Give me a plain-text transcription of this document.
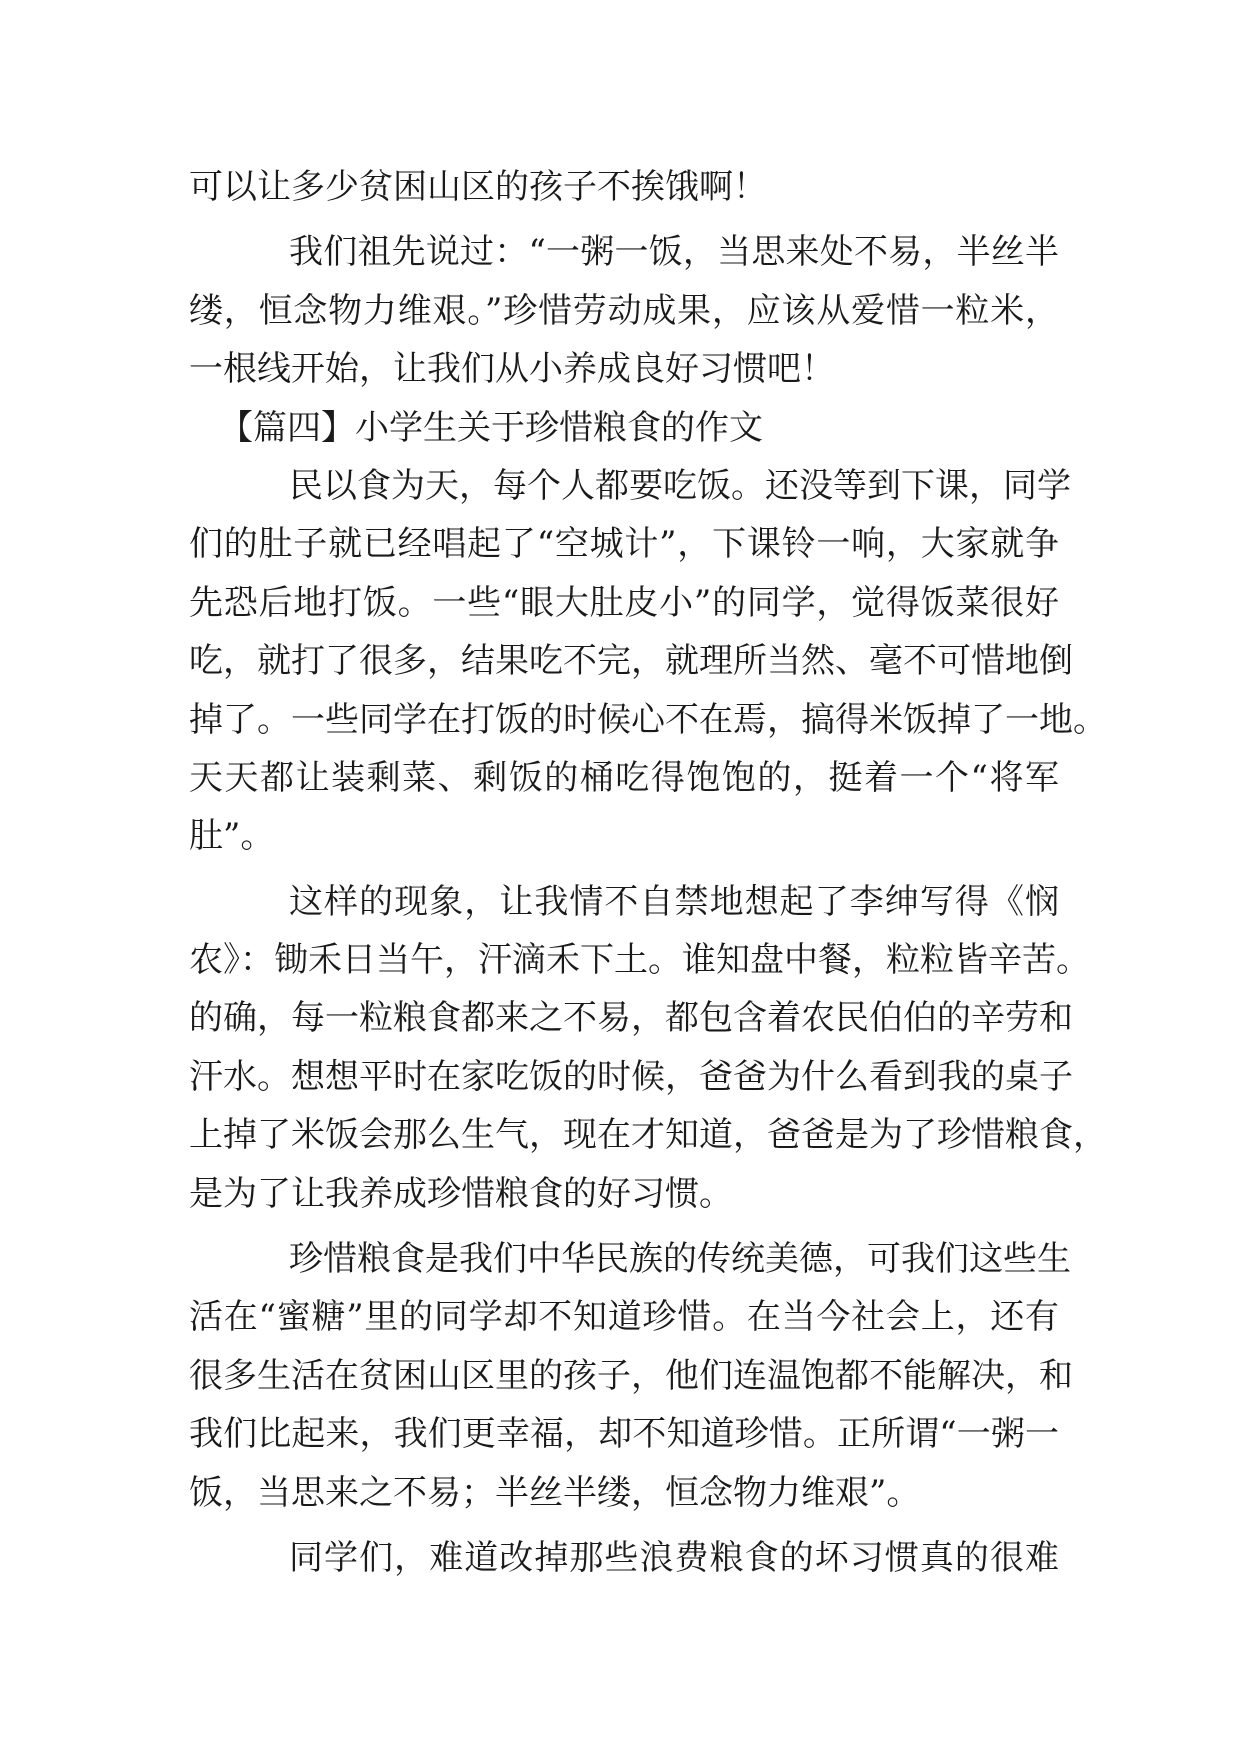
可以让多少贫困山区的孩子不挨饿啊！
我们祖先说过：“一粥一饭，当思来处不易，半丝半
缕，恒念物力维艰。”珍惜劳动成果，应该从爱惜一粒米，
一根线开始，让我们从小养成良好习惯吧！
【篇四】小学生关于珍惜粮食的作文
民以食为天，每个人都要吃饭。还没等到下课，同学
们的肚子就已经唱起了“空城计”，下课铃一响，大家就争
先恐后地打饭。一些“眼大肚皮小”的同学，觉得饭菜很好
吃，就打了很多，结果吃不完，就理所当然、毫不可惜地倒
掉了。一些同学在打饭的时候心不在焉，搞得米饭掉了一地。
天天都让装剩菜、剩饭的桶吃得饱饱的，挺着一个“将军
肚”。
这样的现象，让我情不自禁地想起了李绅写得《悯
农》：锄禾日当午，汗滴禾下土。谁知盘中餐，粒粒皆辛苦。
的确，每一粒粮食都来之不易，都包含着农民伯伯的辛劳和
汗水。想想平时在家吃饭的时候，爸爸为什么看到我的桌子
上掉了米饭会那么生气，现在才知道，爸爸是为了珍惜粮食，
是为了让我养成珍惜粮食的好习惯。
珍惜粮食是我们中华民族的传统美德，可我们这些生
活在“蜜糖”里的同学却不知道珍惜。在当今社会上，还有
很多生活在贫困山区里的孩子，他们连温饱都不能解决，和
我们比起来，我们更幸福，却不知道珍惜。正所谓“一粥一
饭，当思来之不易；半丝半缕，恒念物力维艰”。
同学们，难道改掉那些浪费粮食的坏习惯真的很难
